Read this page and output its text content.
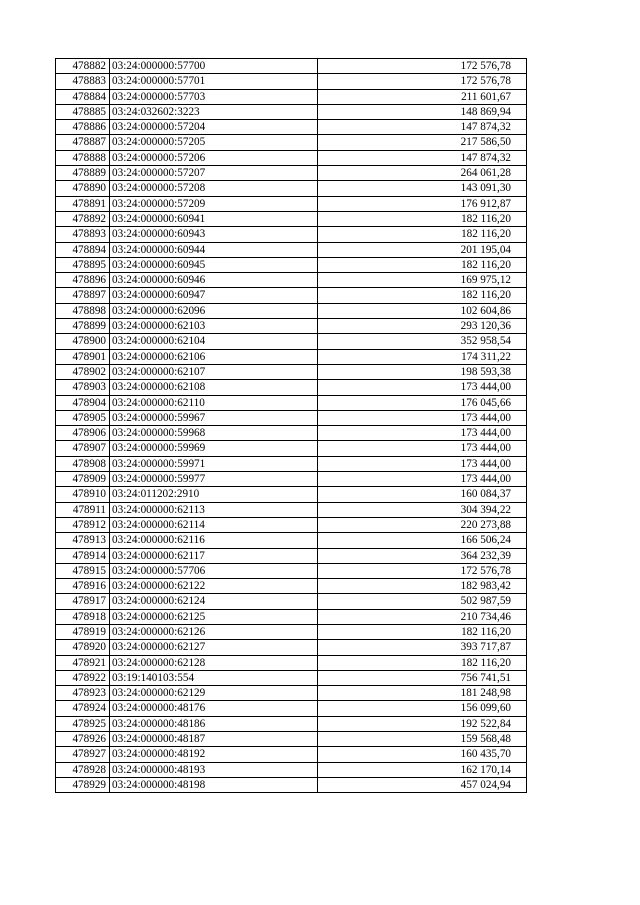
478882	03:24:000000:57700	172 576,78
478883	03:24:000000:57701	172 576,78
478884	03:24:000000:57703	211 601,67
478885	03:24:032602:3223	148 869,94
478886	03:24:000000:57204	147 874,32
478887	03:24:000000:57205	217 586,50
478888	03:24:000000:57206	147 874,32
478889	03:24:000000:57207	264 061,28
478890	03:24:000000:57208	143 091,30
478891	03:24:000000:57209	176 912,87
478892	03:24:000000:60941	182 116,20
478893	03:24:000000:60943	182 116,20
478894	03:24:000000:60944	201 195,04
478895	03:24:000000:60945	182 116,20
478896	03:24:000000:60946	169 975,12
478897	03:24:000000:60947	182 116,20
478898	03:24:000000:62096	102 604,86
478899	03:24:000000:62103	293 120,36
478900	03:24:000000:62104	352 958,54
478901	03:24:000000:62106	174 311,22
478902	03:24:000000:62107	198 593,38
478903	03:24:000000:62108	173 444,00
478904	03:24:000000:62110	176 045,66
478905	03:24:000000:59967	173 444,00
478906	03:24:000000:59968	173 444,00
478907	03:24:000000:59969	173 444,00
478908	03:24:000000:59971	173 444,00
478909	03:24:000000:59977	173 444,00
478910	03:24:011202:2910	160 084,37
478911	03:24:000000:62113	304 394,22
478912	03:24:000000:62114	220 273,88
478913	03:24:000000:62116	166 506,24
478914	03:24:000000:62117	364 232,39
478915	03:24:000000:57706	172 576,78
478916	03:24:000000:62122	182 983,42
478917	03:24:000000:62124	502 987,59
478918	03:24:000000:62125	210 734,46
478919	03:24:000000:62126	182 116,20
478920	03:24:000000:62127	393 717,87
478921	03:24:000000:62128	182 116,20
478922	03:19:140103:554	756 741,51
478923	03:24:000000:62129	181 248,98
478924	03:24:000000:48176	156 099,60
478925	03:24:000000:48186	192 522,84
478926	03:24:000000:48187	159 568,48
478927	03:24:000000:48192	160 435,70
478928	03:24:000000:48193	162 170,14
478929	03:24:000000:48198	457 024,94
